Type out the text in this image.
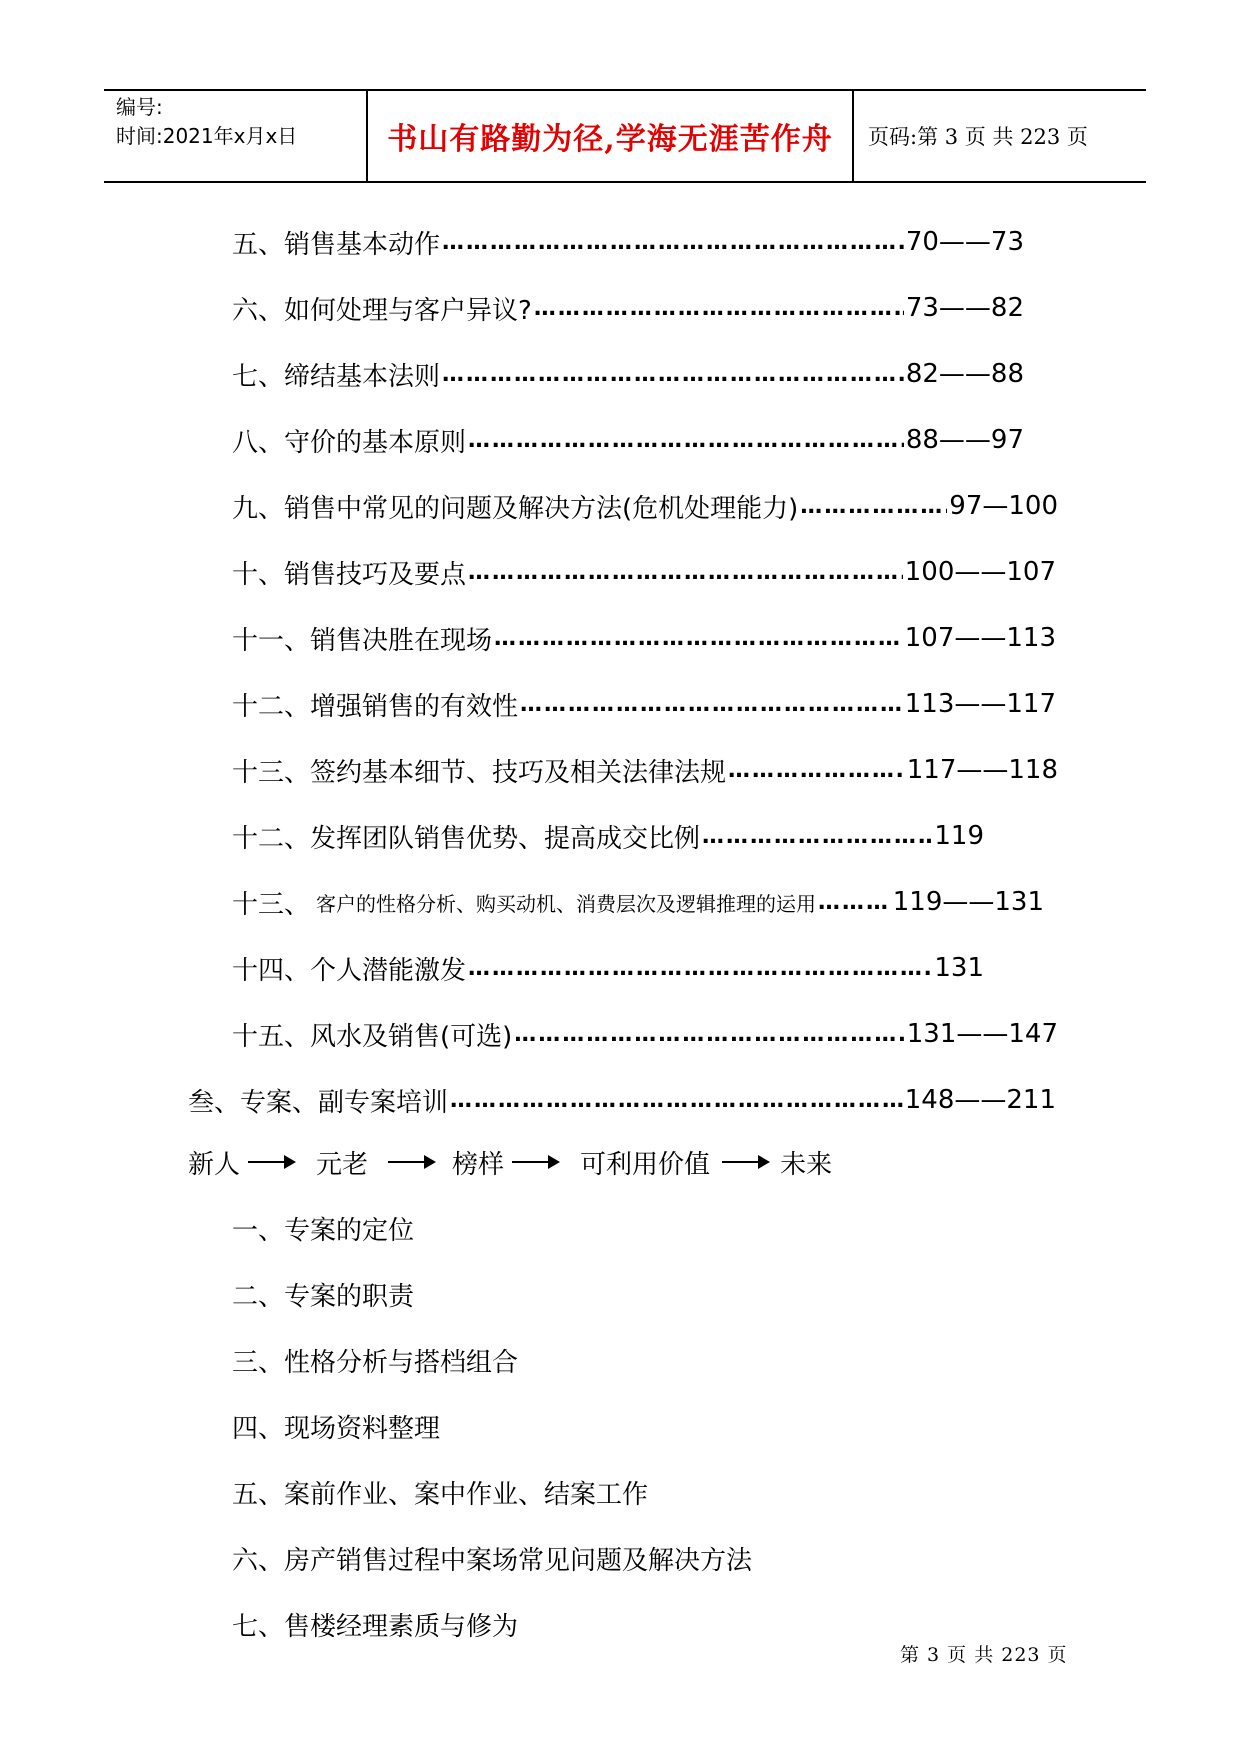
编号:
时间:2021年x月x日	书山有路勤为径,学海无涯苦作舟	页码:第 3 页 共 223 页
五、销售基本动作 …………………………………………………………………………………………………………	70——73
六、如何处理与客户异议? …………………………………………………………………………………………………………	73——82
七、缔结基本法则 …………………………………………………………………………………………………………	82——88
八、守价的基本原则 …………………………………………………………………………………………………………	88——97
九、销售中常见的问题及解决方法(危机处理能力) …………………………………………………………………………………………………………	97—100
十、销售技巧及要点 …………………………………………………………………………………………………………	100——107
十一、销售决胜在现场 …………………………………………………………………………………………………………	107——113
十二、增强销售的有效性 …………………………………………………………………………………………………………	113——117
十三、签约基本细节、技巧及相关法律法规 …………………………………………………………………………………………………………	117——118
十二、发挥团队销售优势、提高成交比例 …………………………………………………………………………………………………………	119
十三、 客户的性格分析、购买动机、消费层次及逻辑推理的运用 …………………………………………………………………………………………………………	119——131
十四、个人潜能激发 …………………………………………………………………………………………………………	131
十五、风水及销售(可选) …………………………………………………………………………………………………………	131——147
叁、专案、副专案培训 …………………………………………………………………………………………………………	148——211
新人	元老	榜样	可利用价值	未来
一、专案的定位
二、专案的职责
三、性格分析与搭档组合
四、现场资料整理
五、案前作业、案中作业、结案工作
六、房产销售过程中案场常见问题及解决方法
七、售楼经理素质与修为
第 3 页 共 223 页
